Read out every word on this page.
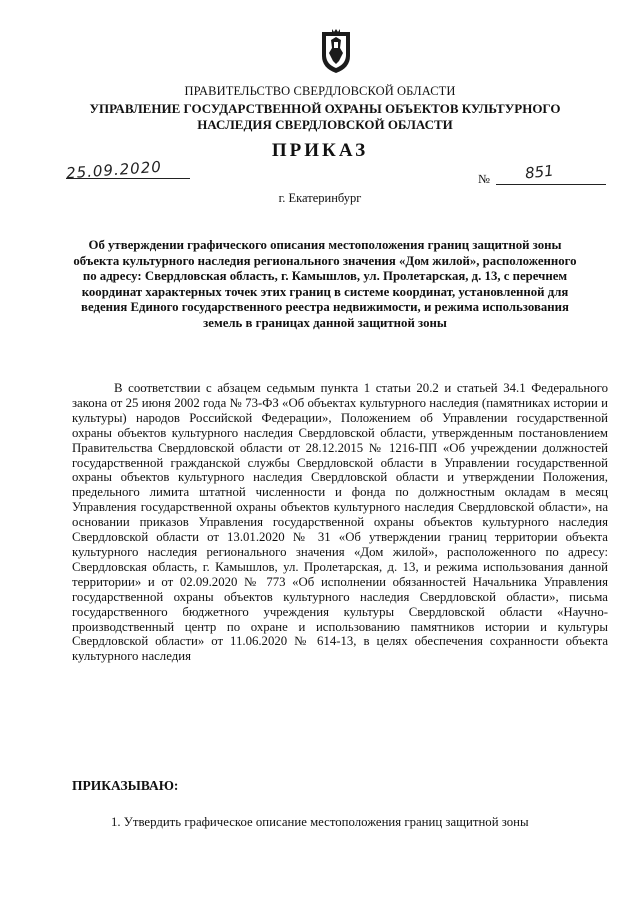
ПРАВИТЕЛЬСТВО СВЕРДЛОВСКОЙ ОБЛАСТИ
УПРАВЛЕНИЕ ГОСУДАРСТВЕННОЙ ОХРАНЫ ОБЪЕКТОВ КУЛЬТУРНОГО НАСЛЕДИЯ СВЕРДЛОВСКОЙ ОБЛАСТИ
ПРИКАЗ
25.09.2020	№ 851
г. Екатеринбург
Об утверждении графического описания местоположения границ защитной зоны объекта культурного наследия регионального значения «Дом жилой», расположенного по адресу: Свердловская область, г. Камышлов, ул. Пролетарская, д. 13, с перечнем координат характерных точек этих границ в системе координат, установленной для ведения Единого государственного реестра недвижимости, и режима использования земель в границах данной защитной зоны

В соответствии с абзацем седьмым пункта 1 статьи 20.2 и статьей 34.1 Федерального закона от 25 июня 2002 года № 73-ФЗ «Об объектах культурного наследия (памятниках истории и культуры) народов Российской Федерации», Положением об Управлении государственной охраны объектов культурного наследия Свердловской области, утвержденным постановлением Правительства Свердловской области от 28.12.2015 № 1216-ПП «Об учреждении должностей государственной гражданской службы Свердловской области в Управлении государственной охраны объектов культурного наследия Свердловской области и утверждении Положения, предельного лимита штатной численности и фонда по должностным окладам в месяц Управления государственной охраны объектов культурного наследия Свердловской области», на основании приказов Управления государственной охраны объектов культурного наследия Свердловской области от 13.01.2020 № 31 «Об утверждении границ территории объекта культурного наследия регионального значения «Дом жилой», расположенного по адресу: Свердловская область, г. Камышлов, ул. Пролетарская, д. 13, и режима использования данной территории» и от 02.09.2020 № 773 «Об исполнении обязанностей Начальника Управления государственной охраны объектов культурного наследия Свердловской области», письма государственного бюджетного учреждения культуры Свердловской области «Научно-производственный центр по охране и использованию памятников истории и культуры Свердловской области» от 11.06.2020 № 614-13, в целях обеспечения сохранности объекта культурного наследия

ПРИКАЗЫВАЮ:
1. Утвердить графическое описание местоположения границ защитной зоны
